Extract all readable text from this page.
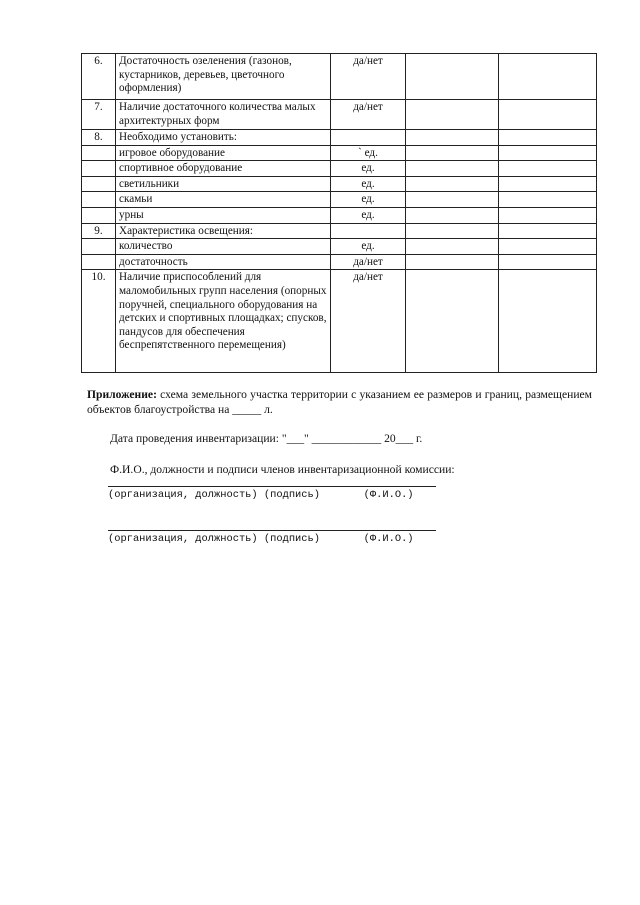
6.	Достаточность озеленения (газонов, кустарников, деревьев, цветочного оформления)	да/нет		
7.	Наличие достаточного количества малых архитектурных форм	да/нет		
8.	Необходимо установить:			
	игровое оборудование	` ед.		
	спортивное оборудование	ед.		
	светильники	ед.		
	скамьи	ед.		
	урны	ед.		
9.	Характеристика освещения:			
	количество	ед.		
	достаточность	да/нет		
10.	Наличие приспособлений для маломобильных групп населения (опорных поручней, специального оборудования на детских и спортивных площадках; спусков, пандусов для обеспечения беспрепятственного перемещения)	да/нет		
Приложение: схема земельного участка территории с указанием ее размеров и границ, размещением объектов благоустройства на _____ л.
Дата проведения инвентаризации: "___" ____________ 20___ г.
Ф.И.О., должности и подписи членов инвентаризационной комиссии:
(организация, должность) (подпись)       (Ф.И.О.)
(организация, должность) (подпись)       (Ф.И.О.)
